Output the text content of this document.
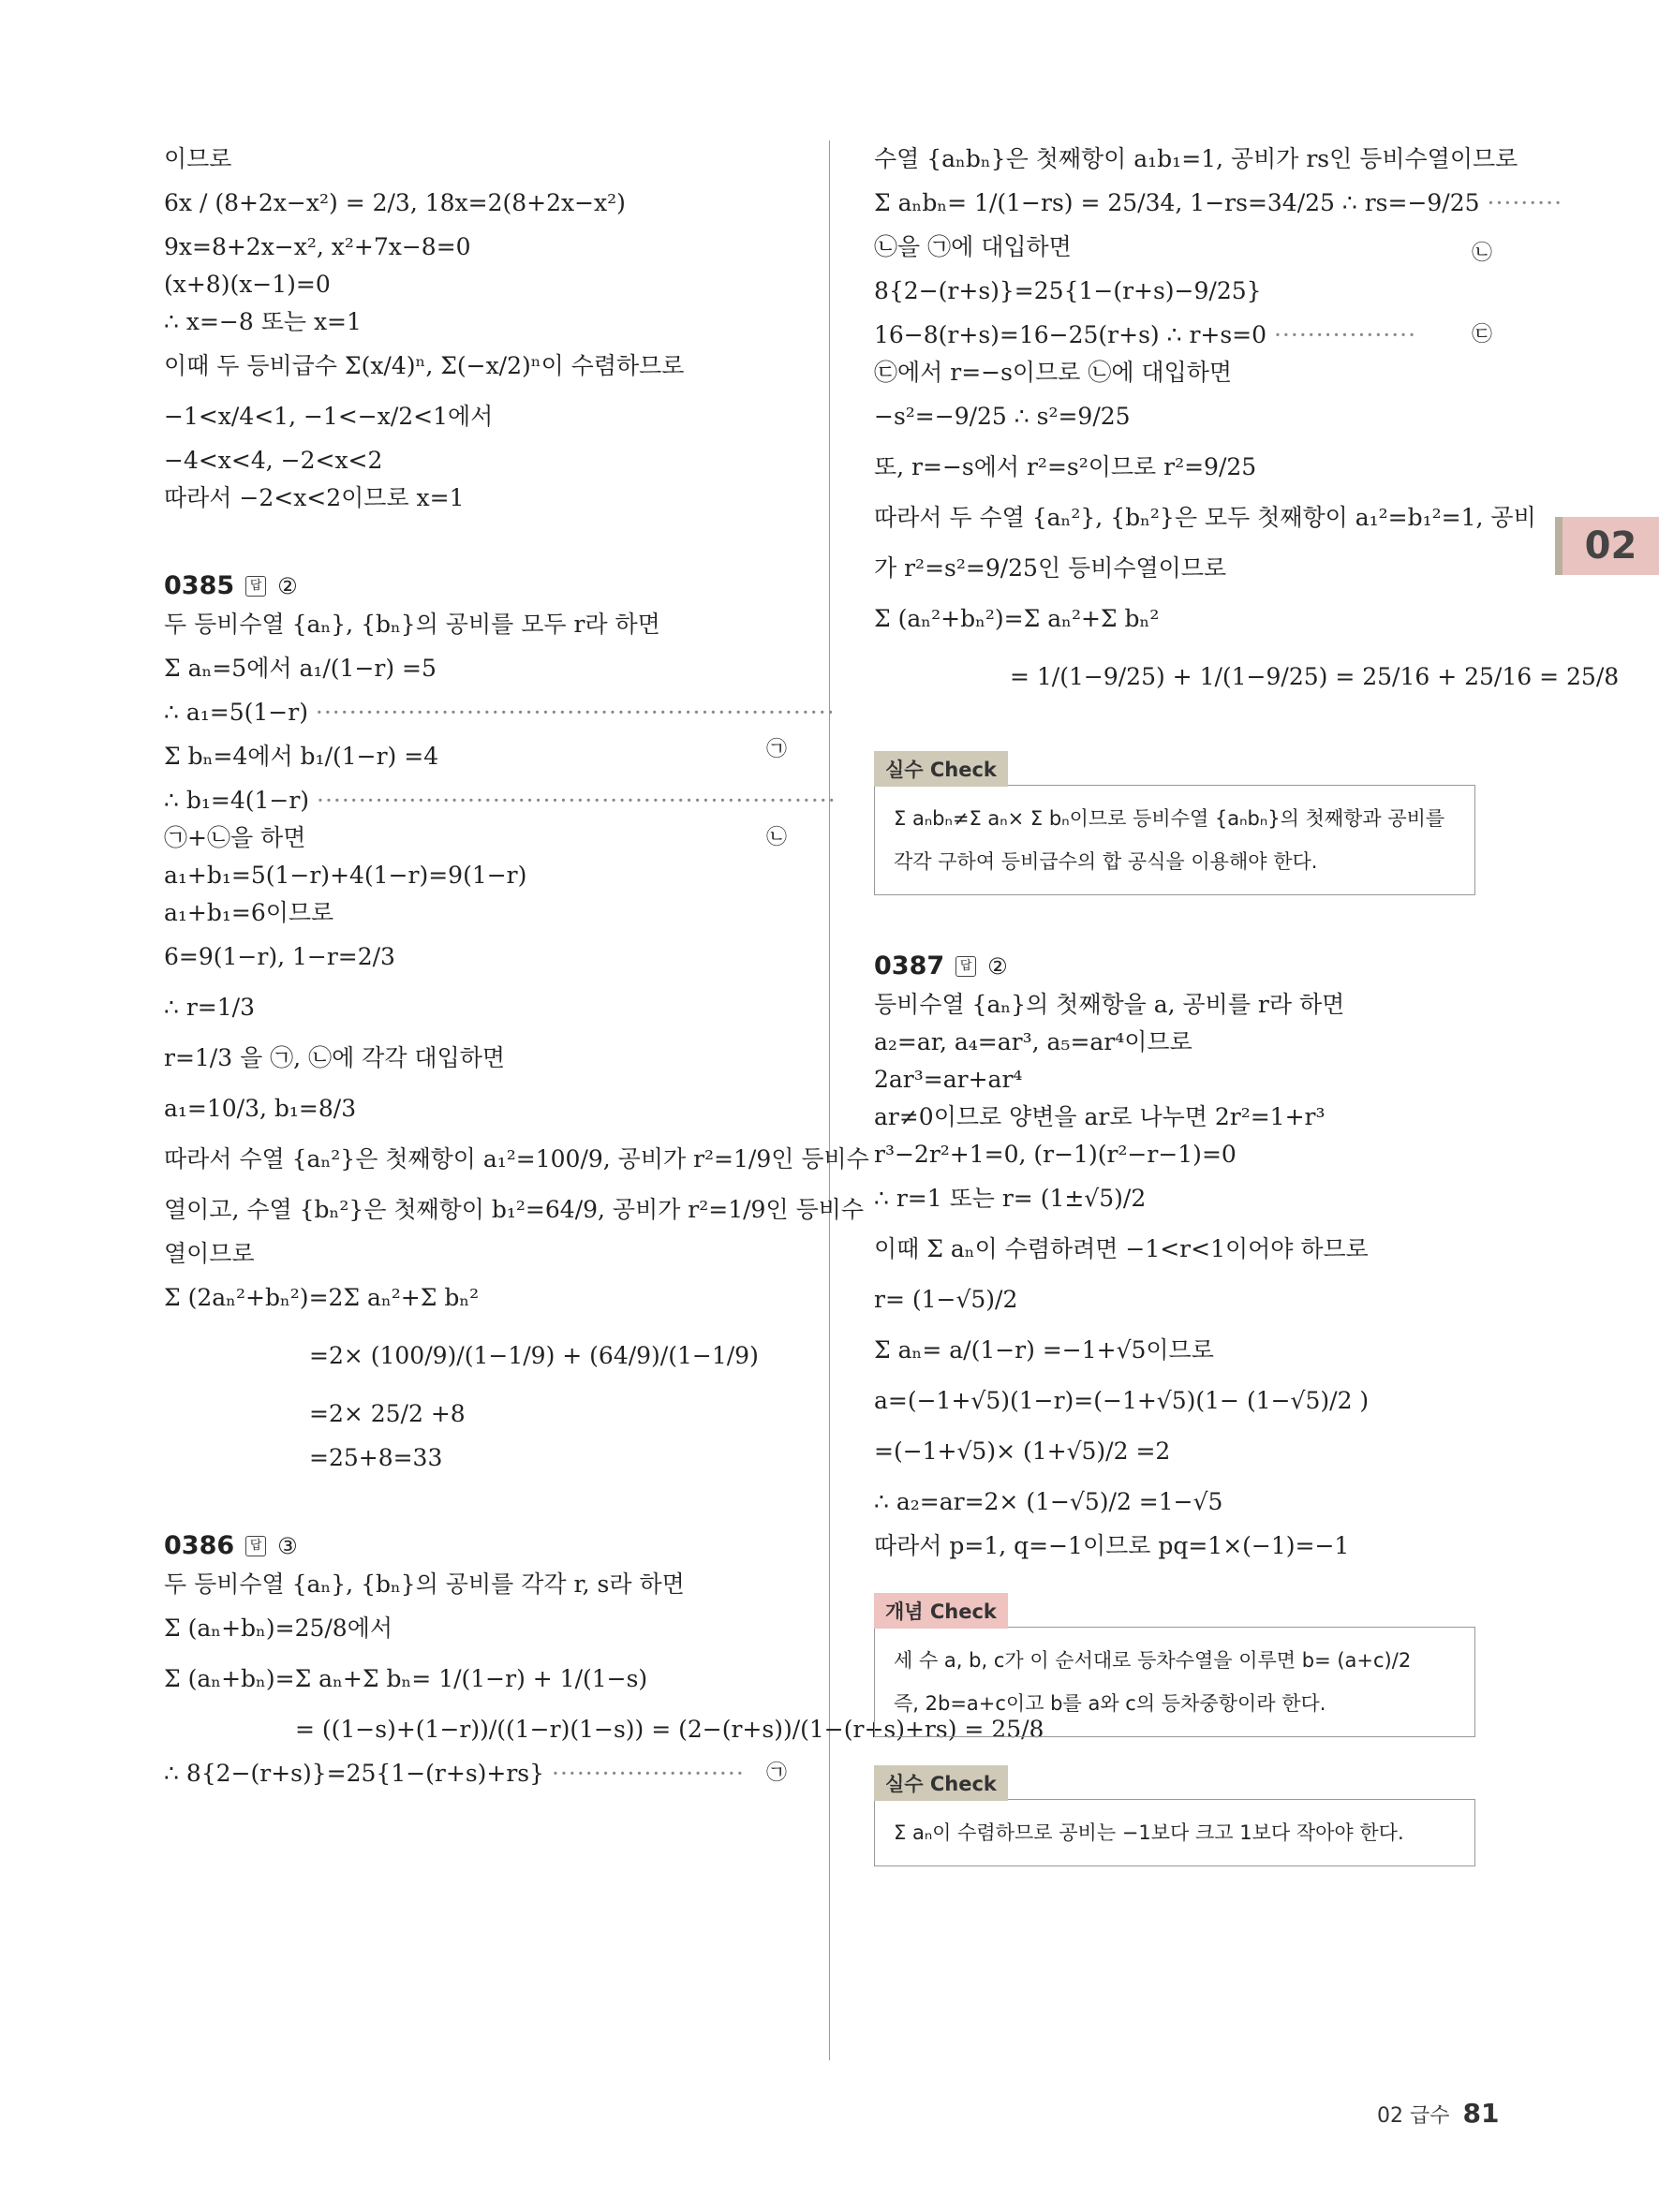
이므로
6x / (8+2x−x²) = 2/3, 18x=2(8+2x−x²)
9x=8+2x−x², x²+7x−8=0
(x+8)(x−1)=0
∴ x=−8 또는 x=1
이때 두 등비급수 Σ(x/4)ⁿ, Σ(−x/2)ⁿ이 수렴하므로
−1<x/4<1, −1<−x/2<1에서
−4<x<4, −2<x<2
따라서 −2<x<2이므로 x=1
0385	답 ②
두 등비수열 {aₙ}, {bₙ}의 공비를 모두 r라 하면
Σ aₙ=5에서 a₁/(1−r) =5
∴ a₁=5(1−r) ······························································
㉠
Σ bₙ=4에서 b₁/(1−r) =4
∴ b₁=4(1−r) ······························································
㉡
㉠+㉡을 하면
a₁+b₁=5(1−r)+4(1−r)=9(1−r)
a₁+b₁=6이므로
6=9(1−r), 1−r=2/3
∴ r=1/3
r=1/3 을 ㉠, ㉡에 각각 대입하면
a₁=10/3, b₁=8/3
따라서 수열 {aₙ²}은 첫째항이 a₁²=100/9, 공비가 r²=1/9인 등비수
열이고, 수열 {bₙ²}은 첫째항이 b₁²=64/9, 공비가 r²=1/9인 등비수
열이므로
Σ (2aₙ²+bₙ²)=2Σ aₙ²+Σ bₙ²
=2× (100/9)/(1−1/9) + (64/9)/(1−1/9)
=2× 25/2 +8
=25+8=33
0386	답 ③
두 등비수열 {aₙ}, {bₙ}의 공비를 각각 r, s라 하면
Σ (aₙ+bₙ)=25/8에서
Σ (aₙ+bₙ)=Σ aₙ+Σ bₙ= 1/(1−r) + 1/(1−s)
= ((1−s)+(1−r))/((1−r)(1−s)) = (2−(r+s))/(1−(r+s)+rs) = 25/8
∴ 8{2−(r+s)}=25{1−(r+s)+rs} ······················· ㉠
수열 {aₙbₙ}은 첫째항이 a₁b₁=1, 공비가 rs인 등비수열이므로
Σ aₙbₙ= 1/(1−rs) = 25/34, 1−rs=34/25 ∴ rs=−9/25 ·········
㉡
㉡을 ㉠에 대입하면
8{2−(r+s)}=25{1−(r+s)−9/25}
16−8(r+s)=16−25(r+s) ∴ r+s=0 ·················	㉢
㉢에서 r=−s이므로 ㉡에 대입하면
−s²=−9/25 ∴ s²=9/25
또, r=−s에서 r²=s²이므로 r²=9/25
따라서 두 수열 {aₙ²}, {bₙ²}은 모두 첫째항이 a₁²=b₁²=1, 공비
가 r²=s²=9/25인 등비수열이므로
Σ (aₙ²+bₙ²)=Σ aₙ²+Σ bₙ²
= 1/(1−9/25) + 1/(1−9/25) = 25/16 + 25/16 = 25/8
실수 Check
Σ aₙbₙ≠Σ aₙ× Σ bₙ이므로 등비수열 {aₙbₙ}의 첫째항과 공비를
각각 구하여 등비급수의 합 공식을 이용해야 한다.
0387	답 ②
등비수열 {aₙ}의 첫째항을 a, 공비를 r라 하면
a₂=ar, a₄=ar³, a₅=ar⁴이므로
2ar³=ar+ar⁴
ar≠0이므로 양변을 ar로 나누면 2r²=1+r³
r³−2r²+1=0, (r−1)(r²−r−1)=0
∴ r=1 또는 r= (1±√5)/2
이때 Σ aₙ이 수렴하려면 −1<r<1이어야 하므로
r= (1−√5)/2
Σ aₙ= a/(1−r) =−1+√5이므로
a=(−1+√5)(1−r)=(−1+√5)(1− (1−√5)/2 )
=(−1+√5)× (1+√5)/2 =2
∴ a₂=ar=2× (1−√5)/2 =1−√5
따라서 p=1, q=−1이므로 pq=1×(−1)=−1
개념 Check
세 수 a, b, c가 이 순서대로 등차수열을 이루면 b= (a+c)/2
즉, 2b=a+c이고 b를 a와 c의 등차중항이라 한다.
실수 Check
Σ aₙ이 수렴하므로 공비는 −1보다 크고 1보다 작아야 한다.
02
02 급수 81
